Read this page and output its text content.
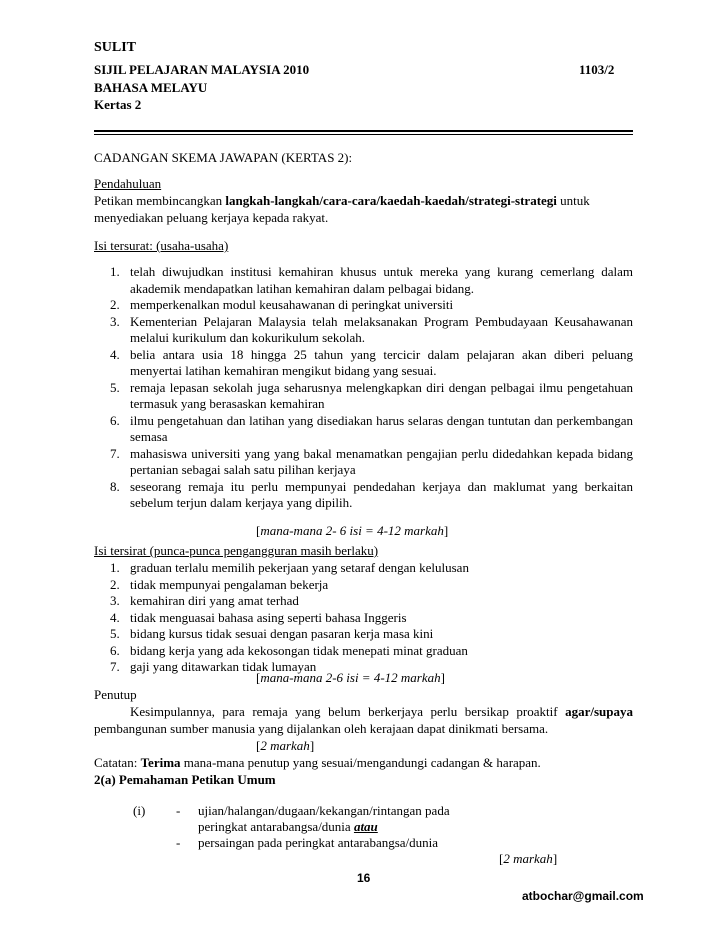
SULIT
SIJIL PELAJARAN MALAYSIA 2010	1103/2
BAHASA MELAYU
Kertas 2
CADANGAN SKEMA JAWAPAN (KERTAS 2):
Pendahuluan
Petikan membincangkan langkah-langkah/cara-cara/kaedah-kaedah/strategi-strategi untuk
menyediakan peluang kerjaya kepada rakyat.
Isi tersurat: (usaha-usaha)
1. telah diwujudkan institusi kemahiran khusus untuk mereka yang kurang cemerlang dalam akademik mendapatkan latihan kemahiran dalam pelbagai bidang.
2. memperkenalkan modul keusahawanan di peringkat universiti
3. Kementerian Pelajaran Malaysia telah melaksanakan Program Pembudayaan Keusahawanan melalui kurikulum dan kokurikulum sekolah.
4. belia antara usia 18 hingga 25 tahun yang tercicir dalam pelajaran akan diberi peluang menyertai latihan kemahiran mengikut bidang yang sesuai.
5. remaja lepasan sekolah juga seharusnya melengkapkan diri dengan pelbagai ilmu pengetahuan termasuk yang berasaskan kemahiran
6. ilmu pengetahuan dan latihan yang disediakan harus selaras dengan tuntutan dan perkembangan semasa
7. mahasiswa universiti yang yang bakal menamatkan pengajian perlu didedahkan kepada bidang pertanian sebagai salah satu pilihan kerjaya
8. seseorang remaja itu perlu mempunyai pendedahan kerjaya dan maklumat yang berkaitan sebelum terjun dalam kerjaya yang dipilih.
[mana-mana 2- 6 isi = 4-12 markah]
Isi tersirat (punca-punca pengangguran masih berlaku)
1. graduan terlalu memilih pekerjaan yang setaraf dengan kelulusan
2. tidak mempunyai pengalaman bekerja
3. kemahiran diri yang amat terhad
4. tidak menguasai bahasa asing seperti bahasa Inggeris
5. bidang kursus tidak sesuai dengan pasaran kerja masa kini
6. bidang kerja yang ada kekosongan tidak menepati minat graduan
7. gaji yang ditawarkan tidak lumayan
[mana-mana 2-6 isi = 4-12 markah]
Penutup
Kesimpulannya, para remaja yang belum berkerjaya perlu bersikap proaktif agar/supaya
pembangunan sumber manusia yang dijalankan oleh kerajaan dapat dinikmati bersama.
[2 markah]
Catatan: Terima mana-mana penutup yang sesuai/mengandungi cadangan & harapan.
2(a) Pemahaman Petikan Umum
(i) - ujian/halangan/dugaan/kekangan/rintangan pada
peringkat antarabangsa/dunia atau
- persaingan pada peringkat antarabangsa/dunia
[2 markah]
16
atbochar@gmail.com
